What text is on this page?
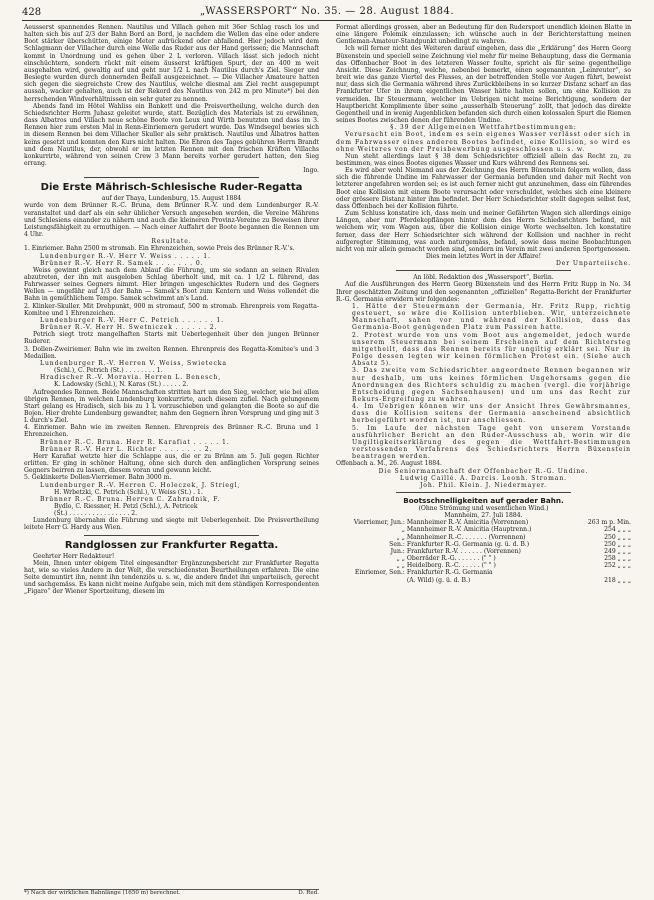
428	„WASSERSPORT“ No. 35. — 28. August 1884.

Aeusserst spannendes Rennen. Nautilus und Villach gehen mit 36er Schlag rasch los und halten sich bis auf 2/3 der Bahn Bord an Bord, je nachdem die Wellen das eine oder andere Boot stärker überschütten, einige Meter aufrückend oder abfallend. Hier jedoch wird dem Schlagmann der Villacher durch eine Welle das Ruder aus der Hand gerissen; die Mannschaft kommt in Unordnung und es gehen über 2 L verloren. Villach lässt sich jedoch nicht einschüchtern, sondern rückt mit einem äusserst kräftigen Spurt, der an 400 m weit ausgehalten wird, gewaltig auf und geht nur 1/2 L nach Nautilus durch's Ziel. Sieger und Besiegte wurden durch donnernden Beifall ausgezeichnet. — Die Villacher Amateure hatten sich gegen die siegreichste Crew des Nautilus, welche diesmal am Ziel recht ausgepumpt aussah, wacker gehalten, auch ist der Rekord des Nautilus von 242 m pro Minute*) bei den herrschenden Windverhältnissen ein sehr guter zu nennen.

Abends fand im Hôtel Wahliss ein Bankett und die Preisvertheilung, welche durch den Schiedsrichter Herrn Juhasz geleitet wurde, statt. Bezüglich des Materials ist zu erwähnen, dass Albatros und Villach neue schöne Boote von Leux und Wirth benutzten und dass im 3. Rennen hier zum ersten Mal in Renn-Einriemern gerudert wurde. Das Windsegel bewies sich in diesem Rennen bei dem Villacher Skuller als sehr praktisch. Nautilus und Albatros hatten keins gesetzt und konnten den Kurs nicht halten. Die Ehren des Tages gebühren Herrn Brandt und dem Nautilus, der, obwohl er im letzten Rennen mit den frischen Kräften Villachs konkurrirte, während von seinen Crew 3 Mann bereits vorher gerudert hatten, den Sieg errang.

Ingo.

Die Erste Mährisch-Schlesische Ruder-Regatta

auf der Thaya, Lundenburg, 15. August 1884

wurde von dem Brünner R.-C. Bruna, dem Brünner R.-V. und dem Lundenburger R.-V. veranstaltet und darf als ein sehr üblicher Versuch angesehen werden, die Vereine Mährens und Schlesiens einander zu nähern und auch die kleineren Provinz-Vereine zu Beweisen ihrer Leistungsfähigkeit zu ermuthigen. — Nach einer Auffahrt der Boote begannen die Rennen um 4 Uhr.

Resultate.

1. Einriemer. Bahn 2500 m stromab. Ein Ehrenzeichen, sowie Preis des Brünner R.-V.'s.

Lundenburger R.-V. Herr V. Weiss . . . . . 1.

Brünner R.-V. Herr R. Samek . . . . . . . 0.

Weiss gewinnt gleich nach dem Ablauf die Führung, um sie sodann an seinen Rivalen abzutreten, der ihn mit ausgeloben Schlag überholt und, mit ca. 1 1/2 L führend, das Fahrwasser seines Gegners nimmt. Hier bringen ungeschicktes Rudern und des Gegners Wellen — ungefähr auf 1/3 der Bahn — Samek's Boot zum Kentern und Weiss vollendet die Bahn in gemüthlichem Tempo. Samek schwimmt an's Land.

2. Klinker-Skuller. Mit Drehpunkt, 900 m stromauf, 500 m stromab. Ehrenpreis vom Regatta-Komitee und 1 Ehrenzeichen.

Lundenburger R.-V. Herr C. Petrich . . . . . . 1.

Brünner R.-V. Herr H. Swetniczek . . . . . . 2.

Petrich siegt trotz mangelhaften Starts mit Ueberlegenheit über den jungen Brünner Ruderer.

3. Dollen-Zweiriemer. Bahn wie im zweiten Rennen. Ehrenpreis des Regatta-Komitee's und 3 Medaillen.

Lundenburger R.-V. Herren V. Weiss, Swietecka

(Schl.), C. Petrich (St.) . . . . . . . . 1.

Hradischer R.-V. Moravia. Herren L. Benesch,

K. Ladowsky (Schl.), N. Karas (St.) . . . . . 2.

Aufregendes Rennen. Beide Mannschaften stritten hart um den Sieg, welcher, wie bei allen übrigen Rennen, in welchen Lundenburg konkurrirte, auch diesem zufiel. Nach gelungenem Start gelang es Hradisch, sich bis zu 1 L vorzuschieben und gelangten die Boote so auf die Bojen. Hier drehte Lundenburg gewandter, nahm den Gegnern ihren Vorsprung und ging mit 3 L durch's Ziel.

4. Einriemer. Bahn wie im zweiten Rennen. Ehrenpreis des Brünner R.-C. Bruna und 1 Ehrenzeichen.

Brünner R.-C. Bruna. Herr R. Karafiat . . . . . 1.

Brünner R.-V. Herr L. Richter . . . . . . . . 2.

Herr Karafiat wetzte hier die Schlappe aus, die er zu Brünn am 5. Juli gegen Richter erlitten. Er ging in schöner Haltung, ohne sich durch den anfänglichen Vorsprung seines Gegners beirren zu lassen, diesem voran und gewann leicht.

5. Geklinkerte Dollen-Vierriemer. Bahn 3000 m.

Lundenburger R.-V. Herren C. Holeczek, J. Striegl,

H. Wrbetzki, C. Petrich (Schl.), V. Weiss (St.) . 1.

Brünner R.-C. Bruna. Herren C. Zahradnik, F.

Bydlo, C. Riessner, H. Petzl (Schl.), A. Petricek

(St.) . . . . . . . . . . . . . . . . 2.

Lundenburg übernahm die Führung und siegte mit Ueberlegenheit. Die Preisvertheilung leitete Herr G. Hardy aus Wien.

Randglossen zur Frankfurter Regatta.

Geehrter Herr Redakteur!

Mein, Ihnen unter obigem Titel eingesandter Ergänzungsbericht zur Frankfurter Regatta hat, wie so vieles Andere in der Welt, die verschiedensten Beurtheilungen erfahren. Die eine Seite demuntirt ihn, nennt ihn tendenziös u. s. w., die andere findet ihn unparteiisch, gerecht und sachgemäss. Es kann nicht meine Aufgabe sein, mich mit dem ständigen Korrespondenten „Figaro“ der Wiener Sportzeitung, diesem im

*) Nach der wirklichen Bahnlänge (1650 m) berechnet.	D. Red.

Format allerdings grossen, aber an Bedeutung für den Rudersport unendlich kleinen Blatte in eine längere Polemik einzulassen; ich wünsche auch in der Berichterstattung meinen Gentleman-Amateur-Standpunkt unbedingt zu wahren.

Ich will ferner nicht des Weiteren darauf eingehen, dass die „Erklärung“ des Herrn Georg Büxenstein und speciell seine Zeichnung viel mehr für meine Behauptung, dass die Germania das Offenbacher Boot in des letzteren Wasser foulte, spricht als für seine gegentheilige Ansicht. Diese Zeichnung, welche, nebenbei bemerkt, einen sogenannten „Leinreuter“, so breit wie das ganze Viertel des Flusses, an der betreffenden Stelle vor Augen führt, beweist nur, dass sich die Germania während ihres Zurückbleibens in so kurzer Distanz scharf an das Frankfurter Ufer in ihrem eigentlichen Wasser hätte halten sollen, um eine Kollision zu vermeiden. Ihr Steuermann, welcher im Uebrigen nicht meine Berichtigung, sondern der Hauptbericht Komplimente über seine „ausserhalb Steuerung“ zollt, that jedoch das direkte Gegentheil und in wenig Augenblicken befanden sich durch einen kolossalen Spurt die Riemen seines Bootes zwischen denen der führenden Undine.

§. 39 der Allgemeinen Wettfahrtbestimmungen:

Verursacht ein Boot, indem es sein eigenes Wasser verlässt oder sich in dem Fahrwasser eines anderen Bootes befindet, eine Kollision, so wird es ohne Weiteres von der Preisbewerbung ausgeschlossen u. s. w.

Nun steht allerdings laut § 38 dem Schiedsrichter offiziell allein das Recht zu, zu bestimmen, was eines Bootes eigenes Wasser und Kurs während des Rennens sei.

Es wird aber wohl Niemand aus der Zeichnung des Herrn Büxenstein folgern wollen, dass sich die führende Undine im Fahrwasser der Germania befunden und daher mit Recht von letzterer angefahren worden sei; es ist auch ferner nicht gut anzunehmen, dass ein führendes Boot eine Kollision mit einem Boote verursacht oder verschuldet, welches sich eine kleinere oder grössere Distanz hinter ihm befindet. Der Herr Schiedsrichter stellt dagegen selbst fest, dass Offenbach bei der Kollision führte.

Zum Schluss konstatire ich, dass mein und meiner Gefährten Wagen sich allerdings einige Längen, aber nur Pferdekopflängen hinter dem des Herrn Schiedsrichters befand, mit welchem wir, vom Wagen aus, über die Kollision einige Worte wechselten. Ich konstatire ferner, dass der Herr Schiedsrichter sich während der Kollision und nachher in recht aufgeregter Stimmung, was auch naturgemäss, befand, sowie dass meine Beobachtungen nicht von mir allein gemacht worden sind, sondern im Verein mit zwei anderen Sportgenossen.

Dies mein letztes Wort in der Affaire!

Der Unparteiische.

An löbl. Redaktion des „Wassersport“, Berlin.

Auf die Ausführungen des Herrn Georg Büxenstein und des Herrn Fritz Rupp in No. 34 Ihrer geschätzten Zeitung und den sogenannten „offiziellen“ Regatta-Bericht der Frankfurter R.-G. Germania erwidern wir folgendes:

1. Hätte der Steuermann der Germania, Hr. Fritz Rupp, richtig gesteuert, so wäre die Kollision unterblieben. Wir, unterzeichnete Mannschaft, sahen vor und während der Kollision, dass das Germania-Boot genügenden Platz zum Passiren hatte.

2. Protest wurde von uns vom Boot aus angemeldet, jedoch wurde unserem Steuermann bei seinem Erscheinen auf dem Richtersteg mitgetheilt, dass das Rennen bereits für ungiltig erklärt sei. Nur in Folge dessen legten wir keinen förmlichen Protest ein. (Siehe auch Absatz 5).

3. Das zweite vom Schiedsrichter angeordnete Rennen begannen wir nur deshalb, um uns keines förmlichen Ungehorsams gegen die Anordnungen des Richters schuldig zu machen (vergl. die vorjährige Entscheidung gegen Sachsenhausen) und um uns das Recht zur Rekurs-Ergreifung zu wahren.

4. Im Uebrigen können wir uns der Ansicht Ihres Gewährsmannes, dass die Kollision seitens der Germania anscheinend absichtlich herbeigeführt worden ist, nur anschliessen.

5. Im Laufe der nächsten Tage geht von unserem Vorstande ausführlicher Bericht an den Ruder-Ausschuss ab, worin wir die Ungiltigkeitserklärung des gegen die Wettfahrt-Bestimmungen verstossenden Verfahrens des Schiedsrichters Herrn Büxenstein beantragen werden.

Offenbach a. M., 26. August 1884.

Die Seniormannschaft der Offenbacher R.-G. Undine.

Ludwig Caillé. A. Darcis. Leonh. Stroman.

Joh. Phil. Klein. J. Niedermayer.

Bootsschnelligkeiten auf gerader Bahn.

(Ohne Strömung und wesentlichen Wind.)

Mannheim, 27. Juli 1884.

Vierriemer, Jun.:	Mannheimer R.-V. Amicitia (Vorrennen)	263 m p. Min.
„	Mannheimer R.-V. Amicitia (Hauptrenn.)	254 „ „ „
„ „	Mannheimer R.-C. . . . . . . (Vorrennen)	250 „ „ „
Sen.:	Frankfurter R.-G. Germania (g. ü. d. B.)	250 „ „ „
Jun.:	Frankfurter R.-V. . . . . . . (Vorrennen)	249 „ „ „
„ „	Oberräder R.-G. . . . . . . (" " )	258 „ „ „
„ „	Heidelberg. R.-C. . . . . . (" " )	252 „ „ „
Einriemer, Sen.:	Frankfurter R.-G. Germania	
	(A. Wild) (g. ü. d. B.)	218 „ „ „
